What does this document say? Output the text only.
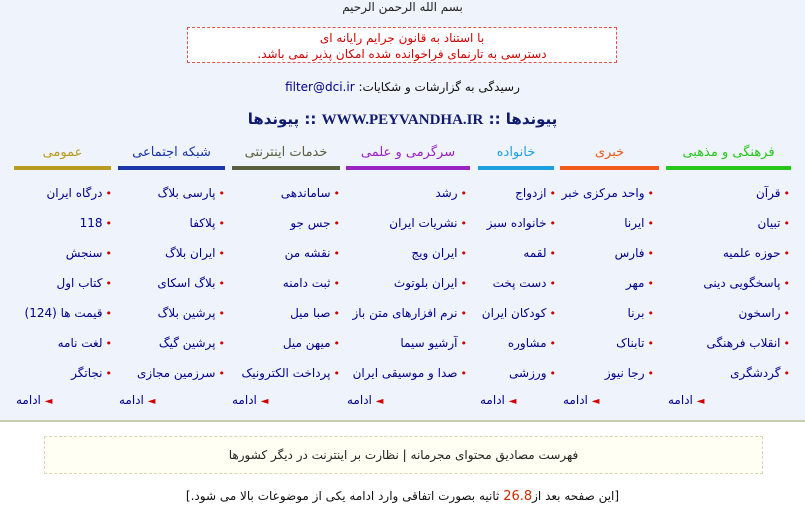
بسم الله الرحمن الرحیم
با استناد به قانون جرایم رایانه ای
دسترسی به تارنمای فراخوانده شده امکان پذیر نمی باشد.
رسیدگی به گزارشات و شکایات: filter@dci.ir
پیوندها :: WWW.PEYVANDHA.IR :: پیوندها
فرهنگی و مذهبی
خبری
خانواده
سرگرمی و علمی
خدمات اینترنتی
شبکه اجتماعی
عمومی
•قرآن
•تبیان
•حوزه علمیه
•پاسخگویی دینی
•راسخون
•انقلاب فرهنگی
•گردشگری
•واحد مرکزی خبر
•ایرنا
•فارس
•مهر
•برنا
•تابناک
•رجا نیوز
•ازدواج
•خانواده سبز
•لقمه
•دست پخت
•کودکان ایران
•مشاوره
•ورزشی
•رشد
•نشریات ایران
•ایران ویج
•ایران بلوتوث
•نرم افزارهای متن باز
•آرشیو سیما
•صدا و موسیقی ایران
•ساماندهی
•جس جو
•نقشه من
•ثبت دامنه
•صبا میل
•میهن میل
•پرداخت الکترونیک
•پارسی بلاگ
•پلاکفا
•ایران بلاگ
•بلاگ اسکای
•پرشین بلاگ
•پرشین گیگ
•سرزمین مجازی
•درگاه ایران
•118
•سنجش
•کتاب اول
•قیمت ها (124)
•لغت نامه
•نجاتگر
◄ ادامه
◄ ادامه
◄ ادامه
◄ ادامه
◄ ادامه
◄ ادامه
◄ ادامه
فهرست مصادیق محتوای مجرمانه | نظارت بر اینترنت در دیگر کشورها
[این صفحه بعد از26.8 ثانیه بصورت اتفاقی وارد ادامه یکی از موضوعات بالا می شود.]
